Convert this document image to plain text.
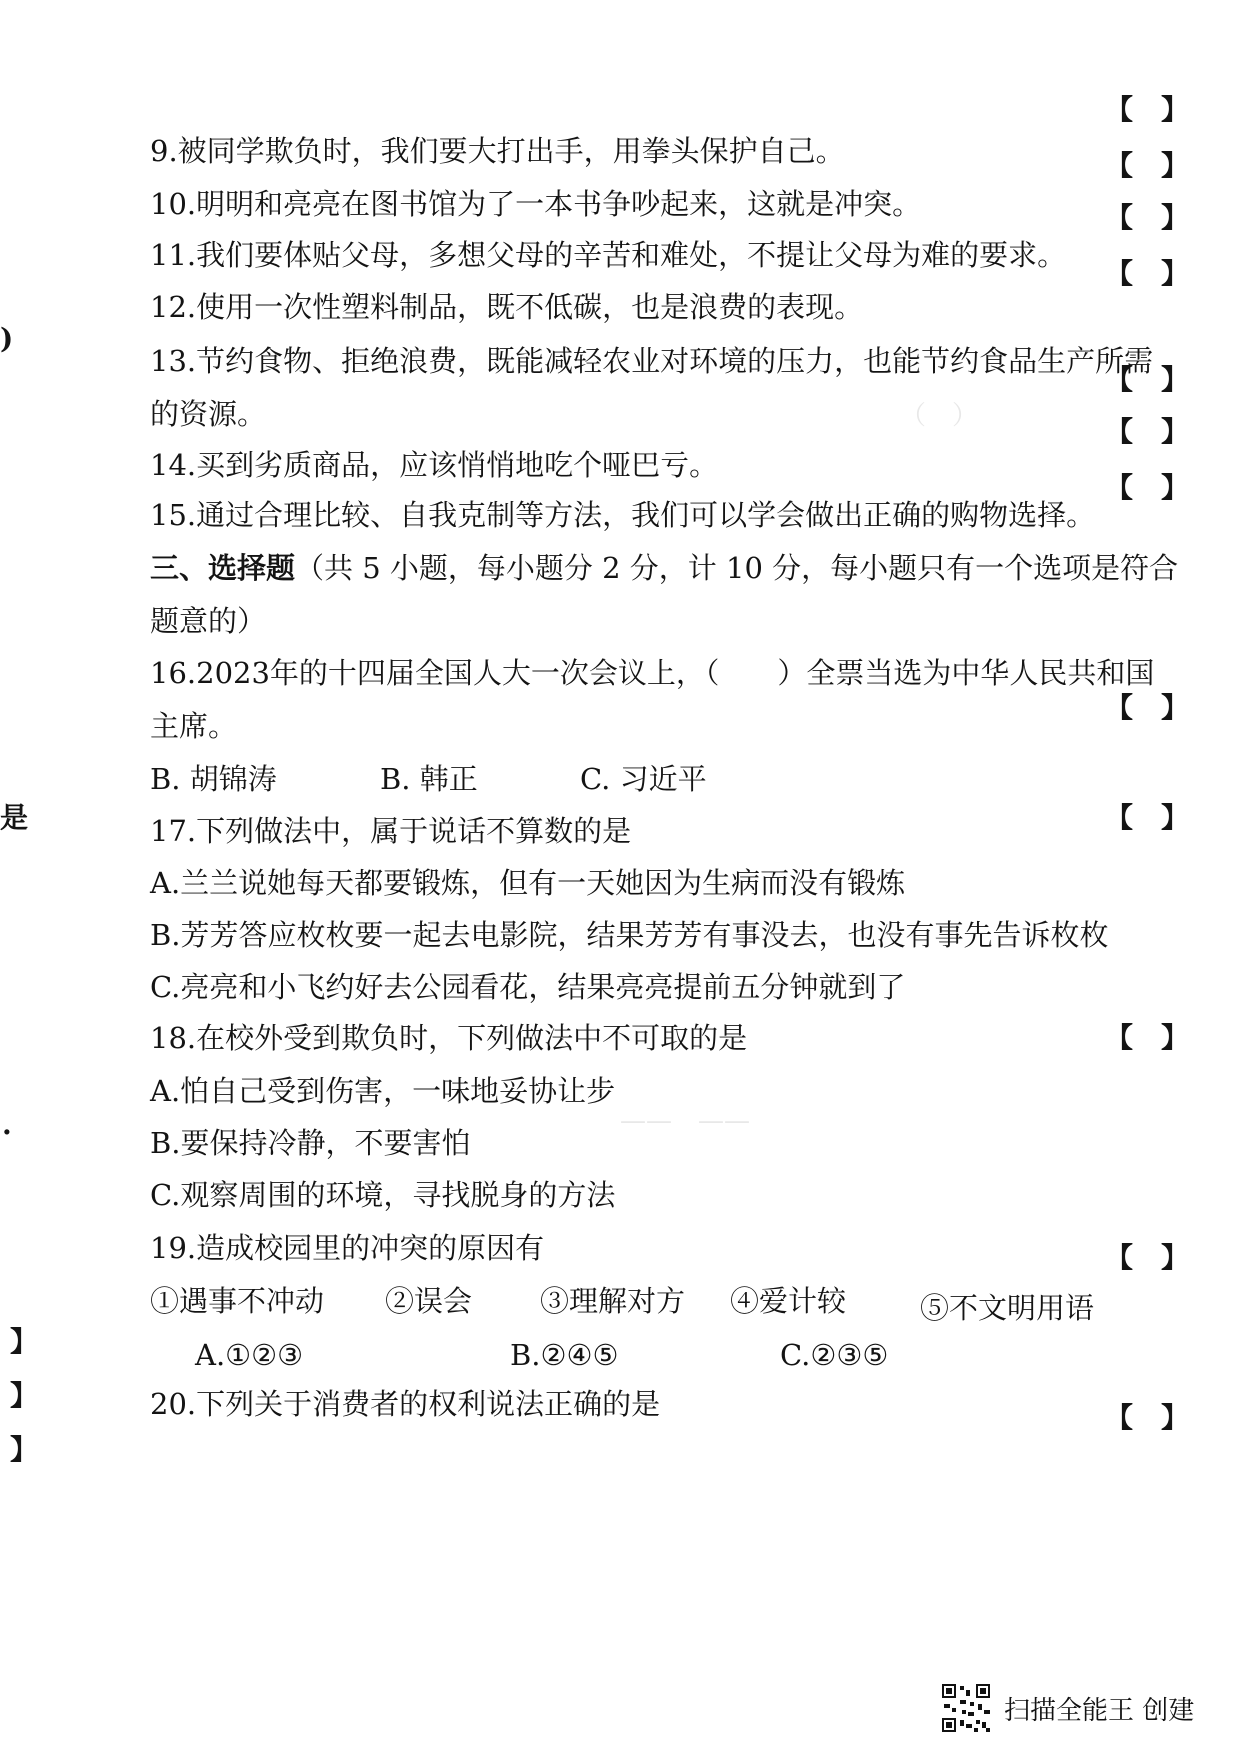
（　）
——　——
)
是
.
】
】
】
【　】
9.被同学欺负时，我们要大打出手，用拳头保护自己。	【　】
10.明明和亮亮在图书馆为了一本书争吵起来，这就是冲突。	【　】
11.我们要体贴父母，多想父母的辛苦和难处，不提让父母为难的要求。
【　】
12.使用一次性塑料制品，既不低碳，也是浪费的表现。
13.节约食物、拒绝浪费，既能减轻农业对环境的压力，也能节约食品生产所需
【　】
的资源。
【　】
14.买到劣质商品，应该悄悄地吃个哑巴亏。
15.通过合理比较、自我克制等方法，我们可以学会做出正确的购物选择。
【　】
三、选择题（共 5 小题，每小题分 2 分，计 10 分，每小题只有一个选项是符合
题意的）
16.2023年的十四届全国人大一次会议上，（　　）全票当选为中华人民共和国
主席。
【　】
B. 胡锦涛	B. 韩正	C. 习近平
17.下列做法中，属于说话不算数的是	【　】
A.兰兰说她每天都要锻炼，但有一天她因为生病而没有锻炼
B.芳芳答应枚枚要一起去电影院，结果芳芳有事没去，也没有事先告诉枚枚
C.亮亮和小飞约好去公园看花，结果亮亮提前五分钟就到了
18.在校外受到欺负时，下列做法中不可取的是	【　】
A.怕自己受到伤害，一味地妥协让步
B.要保持冷静，不要害怕
C.观察周围的环境，寻找脱身的方法
19.造成校园里的冲突的原因有	【　】
①遇事不冲动 ②误会 ③理解对方 ④爱计较	⑤不文明用语
A.①②③	B.②④⑤	C.②③⑤
20.下列关于消费者的权利说法正确的是	【　】
扫描全能王 创建
